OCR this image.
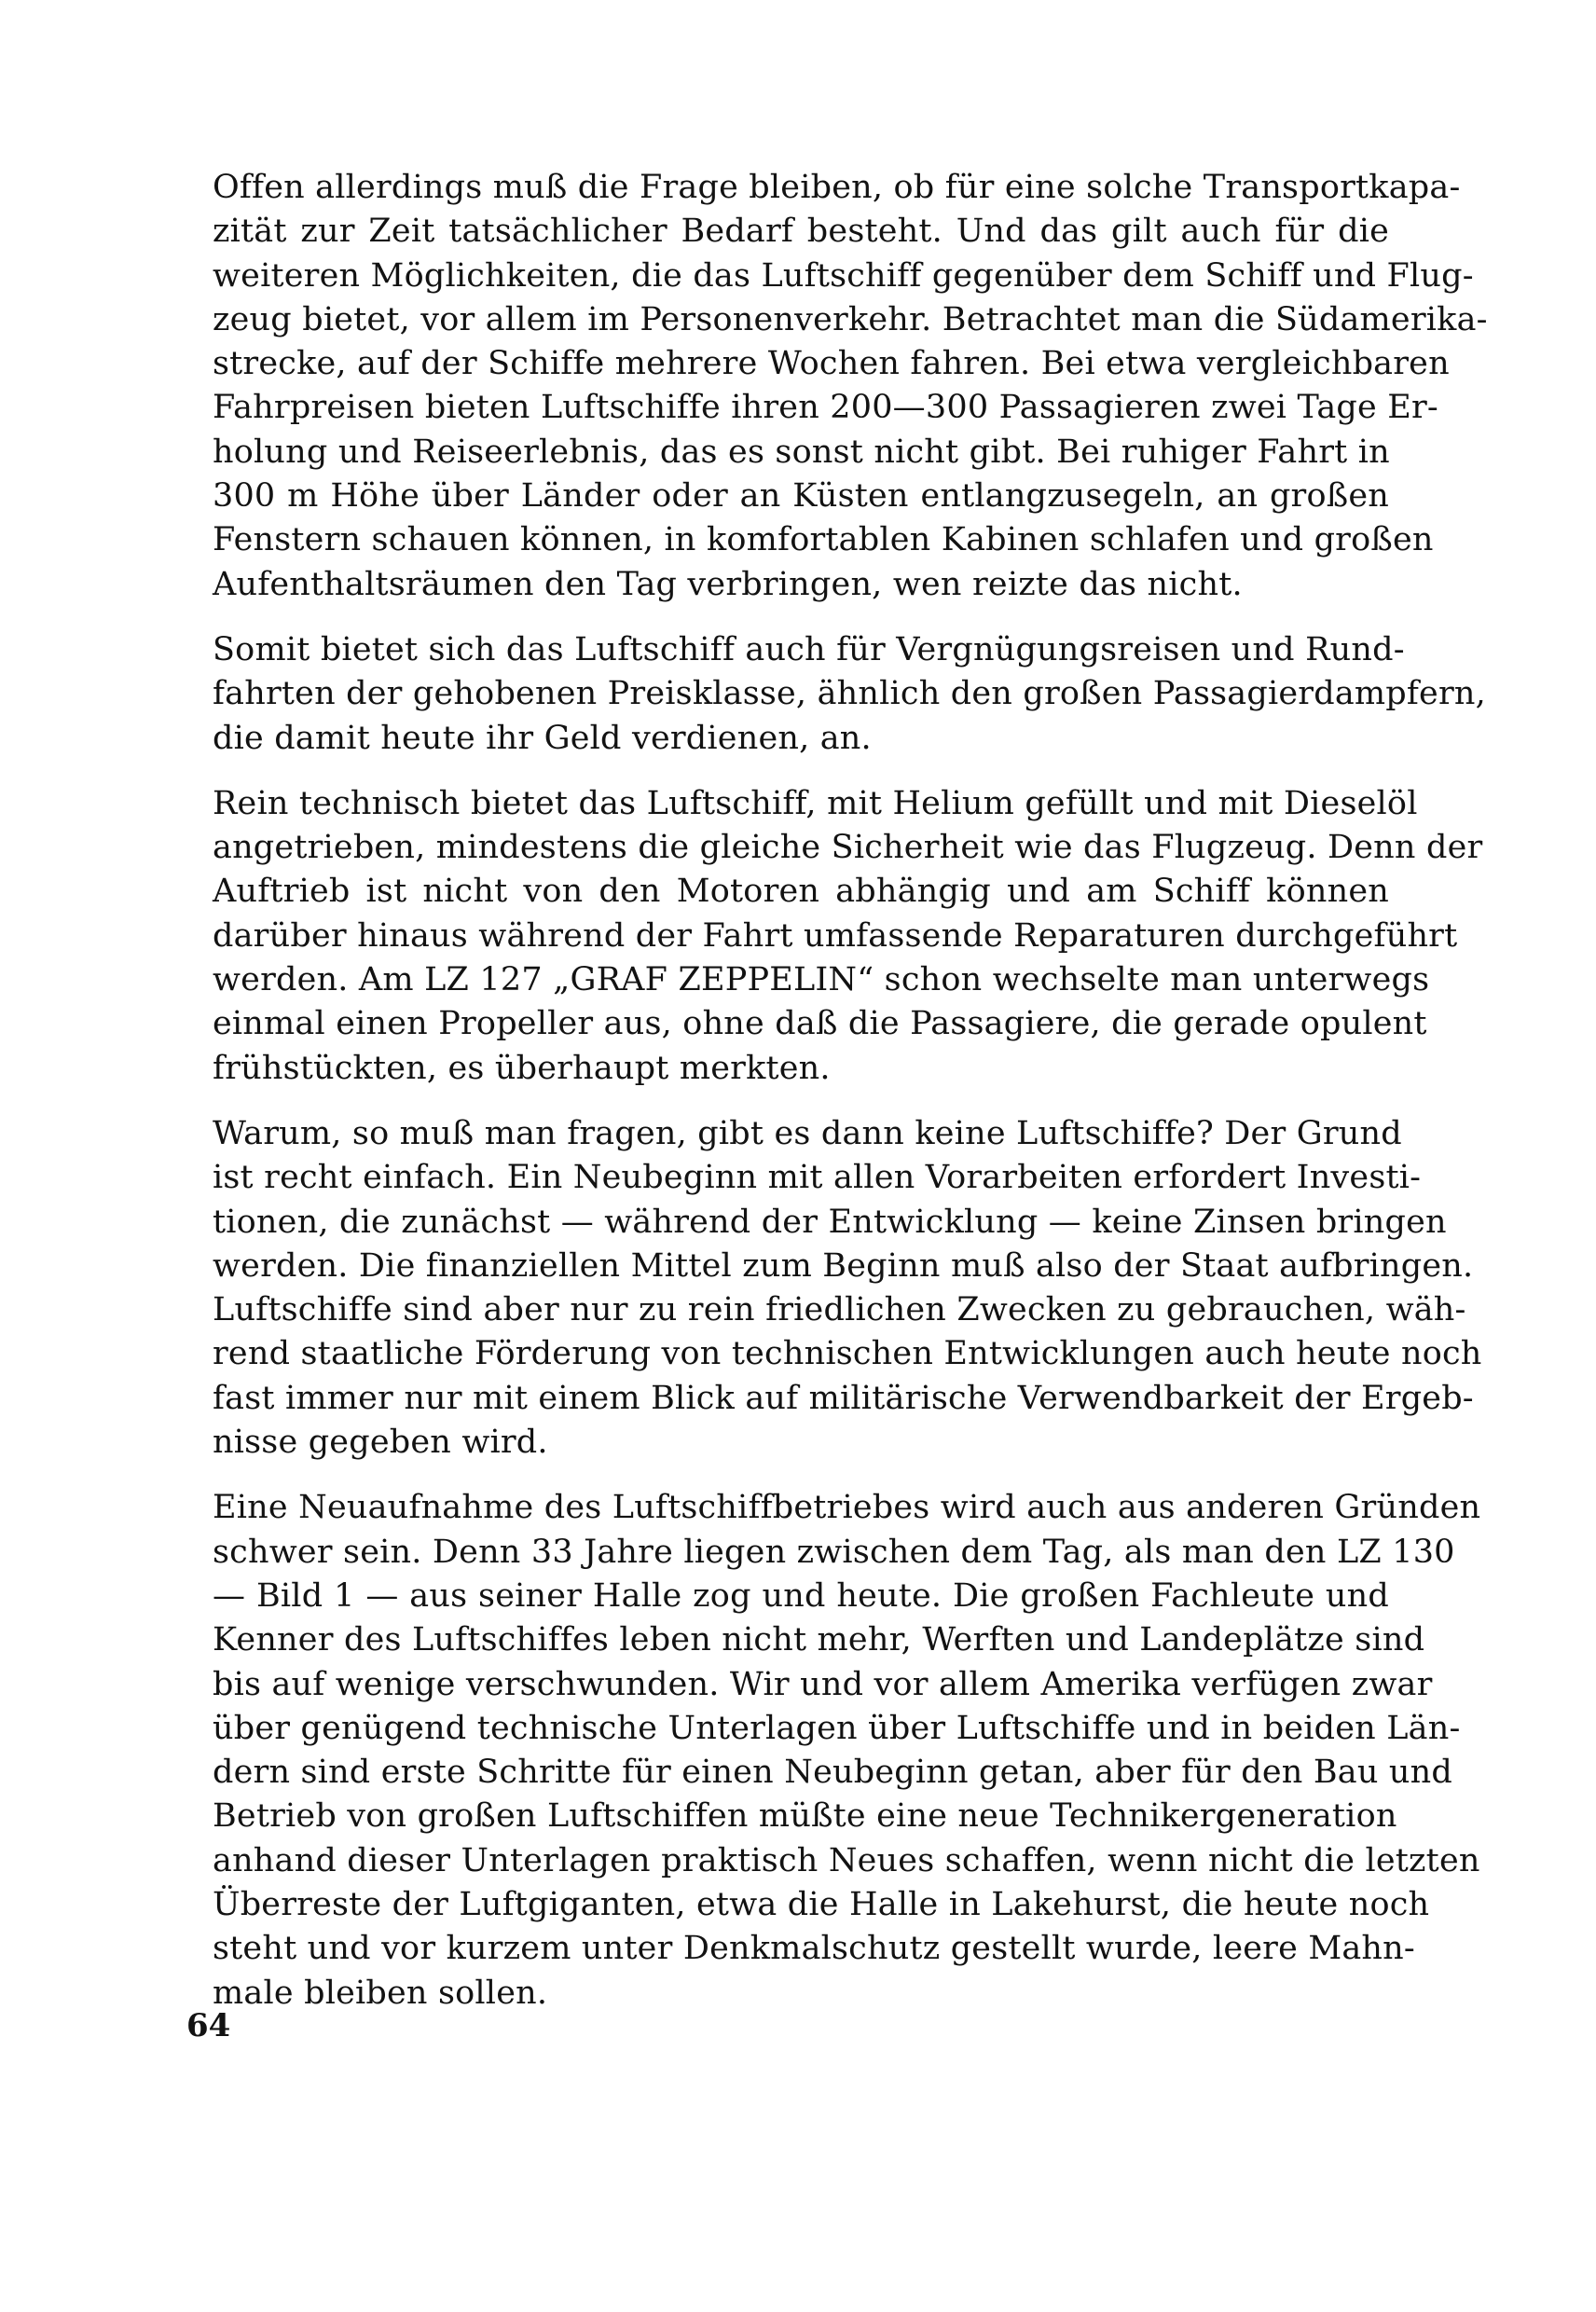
Offen allerdings muß die Frage bleiben, ob für eine solche Transportkapa-
zität zur Zeit tatsächlicher Bedarf besteht. Und das gilt auch für die
weiteren Möglichkeiten, die das Luftschiff gegenüber dem Schiff und Flug-
zeug bietet, vor allem im Personenverkehr. Betrachtet man die Südamerika-
strecke, auf der Schiffe mehrere Wochen fahren. Bei etwa vergleichbaren
Fahrpreisen bieten Luftschiffe ihren 200—300 Passagieren zwei Tage Er-
holung und Reiseerlebnis, das es sonst nicht gibt. Bei ruhiger Fahrt in
300 m Höhe über Länder oder an Küsten entlangzusegeln, an großen
Fenstern schauen können, in komfortablen Kabinen schlafen und großen
Aufenthaltsräumen den Tag verbringen, wen reizte das nicht.

Somit bietet sich das Luftschiff auch für Vergnügungsreisen und Rund-
fahrten der gehobenen Preisklasse, ähnlich den großen Passagierdampfern,
die damit heute ihr Geld verdienen, an.

Rein technisch bietet das Luftschiff, mit Helium gefüllt und mit Dieselöl
angetrieben, mindestens die gleiche Sicherheit wie das Flugzeug. Denn der
Auftrieb ist nicht von den Motoren abhängig und am Schiff können
darüber hinaus während der Fahrt umfassende Reparaturen durchgeführt
werden. Am LZ 127 „GRAF ZEPPELIN“ schon wechselte man unterwegs
einmal einen Propeller aus, ohne daß die Passagiere, die gerade opulent
frühstückten, es überhaupt merkten.

Warum, so muß man fragen, gibt es dann keine Luftschiffe? Der Grund
ist recht einfach. Ein Neubeginn mit allen Vorarbeiten erfordert Investi-
tionen, die zunächst — während der Entwicklung — keine Zinsen bringen
werden. Die finanziellen Mittel zum Beginn muß also der Staat aufbringen.
Luftschiffe sind aber nur zu rein friedlichen Zwecken zu gebrauchen, wäh-
rend staatliche Förderung von technischen Entwicklungen auch heute noch
fast immer nur mit einem Blick auf militärische Verwendbarkeit der Ergeb-
nisse gegeben wird.

Eine Neuaufnahme des Luftschiffbetriebes wird auch aus anderen Gründen
schwer sein. Denn 33 Jahre liegen zwischen dem Tag, als man den LZ 130
— Bild 1 — aus seiner Halle zog und heute. Die großen Fachleute und
Kenner des Luftschiffes leben nicht mehr, Werften und Landeplätze sind
bis auf wenige verschwunden. Wir und vor allem Amerika verfügen zwar
über genügend technische Unterlagen über Luftschiffe und in beiden Län-
dern sind erste Schritte für einen Neubeginn getan, aber für den Bau und
Betrieb von großen Luftschiffen müßte eine neue Technikergeneration
anhand dieser Unterlagen praktisch Neues schaffen, wenn nicht die letzten
Überreste der Luftgiganten, etwa die Halle in Lakehurst, die heute noch
steht und vor kurzem unter Denkmalschutz gestellt wurde, leere Mahn-
male bleiben sollen.

64
